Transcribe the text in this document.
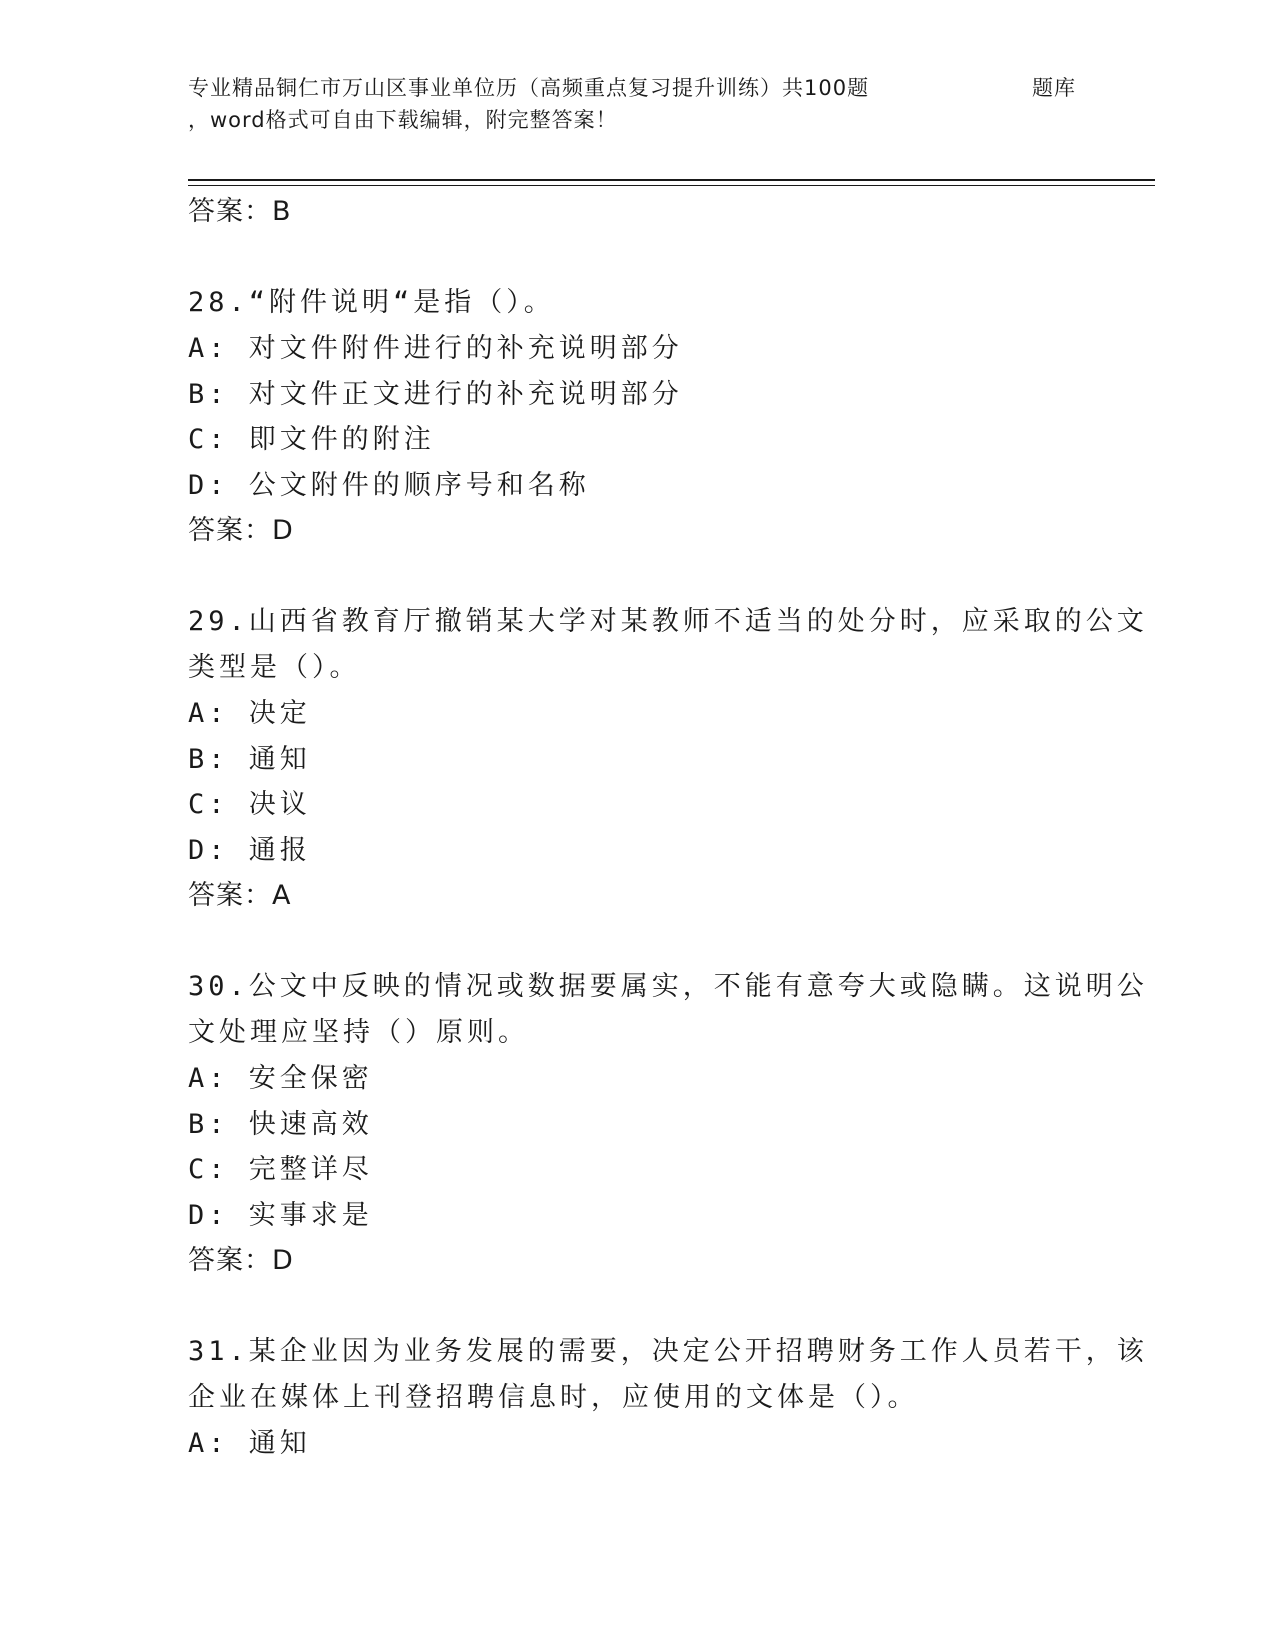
专业精品铜仁市万山区事业单位历（高频重点复习提升训练）共100题	题库
，word格式可自由下载编辑，附完整答案！
答案：B
28.“附件说明“是指（）。
A: 对文件附件进行的补充说明部分
B: 对文件正文进行的补充说明部分
C: 即文件的附注
D: 公文附件的顺序号和名称
答案：D
29.山西省教育厅撤销某大学对某教师不适当的处分时，应采取的公文
类型是（）。
A: 决定
B: 通知
C: 决议
D: 通报
答案：A
30.公文中反映的情况或数据要属实，不能有意夸大或隐瞒。这说明公
文处理应坚持（）原则。
A: 安全保密
B: 快速高效
C: 完整详尽
D: 实事求是
答案：D
31.某企业因为业务发展的需要，决定公开招聘财务工作人员若干，该
企业在媒体上刊登招聘信息时，应使用的文体是（）。
A: 通知
